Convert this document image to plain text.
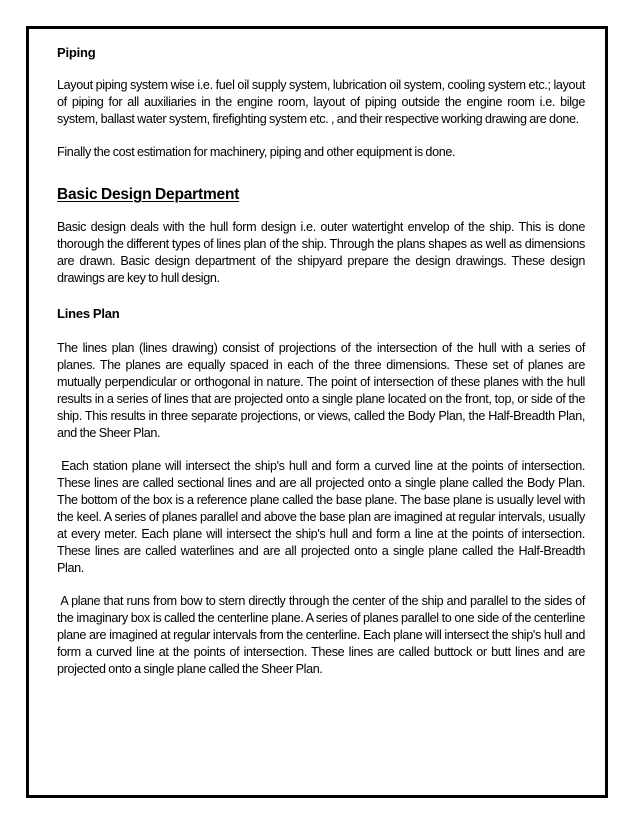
Piping

Layout piping system wise i.e. fuel oil supply system, lubrication oil system, cooling system etc.; layout of piping for all auxiliaries in the engine room, layout of piping outside the engine room i.e. bilge system, ballast water system, firefighting system etc. , and their respective working drawing are done.

Finally the cost estimation for machinery, piping and other equipment is done.

Basic Design Department

Basic design deals with the hull form design i.e. outer watertight envelop of the ship. This is done thorough the different types of lines plan of the ship. Through the plans shapes as well as dimensions are drawn. Basic design department of the shipyard prepare the design drawings. These design drawings are key to hull design.

Lines Plan

The lines plan (lines drawing) consist of projections of the intersection of the hull with a series of planes. The planes are equally spaced in each of the three dimensions. These set of planes are mutually perpendicular or orthogonal in nature. The point of intersection of these planes with the hull results in a series of lines that are projected onto a single plane located on the front, top, or side of the ship. This results in three separate projections, or views, called the Body Plan, the Half-Breadth Plan, and the Sheer Plan.

Each station plane will intersect the ship's hull and form a curved line at the points of intersection. These lines are called sectional lines and are all projected onto a single plane called the Body Plan.  The bottom of the box is a reference plane called the base plane. The base plane is usually level with the keel. A series of planes parallel and above the base plan are imagined at regular intervals, usually at every meter. Each plane will intersect the ship's hull and form a line at the points of intersection. These lines are called waterlines and are all projected onto a single plane called the Half-Breadth Plan.

A plane that runs from bow to stern directly through the center of the ship and parallel to the sides of the imaginary box is called the centerline plane. A series of planes parallel to one side of the centerline plane are imagined at regular intervals from the centerline. Each plane will intersect the ship's hull and form a curved line at the points of intersection. These lines are called buttock or butt lines and are projected onto a single plane called the Sheer Plan.
